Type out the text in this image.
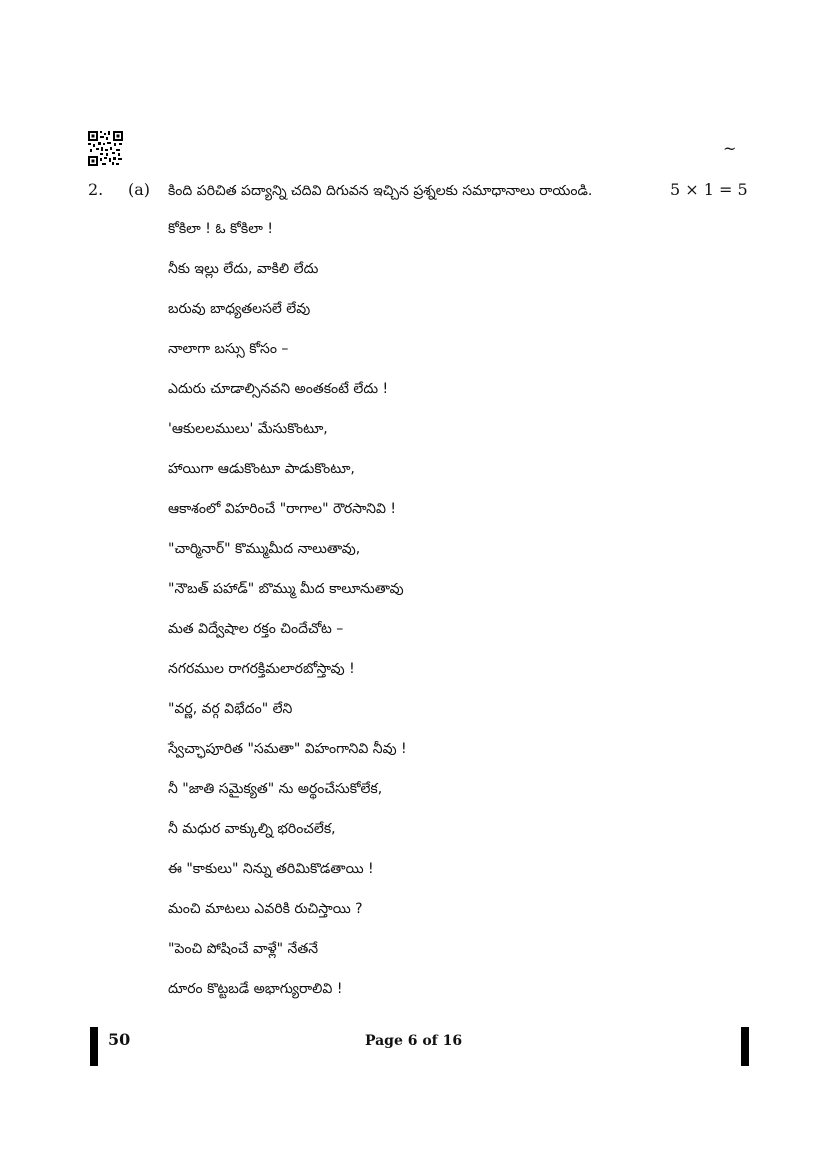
~
2. (a) కింది పరిచిత పద్యాన్ని చదివి దిగువన ఇచ్చిన ప్రశ్నలకు సమాధానాలు రాయండి.	5 × 1 = 5
కోకిలా ! ఓ కోకిలా !
నీకు ఇల్లు లేదు, వాకిలి లేదు
బరువు బాధ్యతలసలే లేవు
నాలాగా బస్సు కోసం –
ఎదురు చూడాల్సినవని అంతకంటే లేదు !
'ఆకులలములు' మేసుకొంటూ,
హాయిగా ఆడుకొంటూ పాడుకొంటూ,
ఆకాశంలో విహరించే "రాగాల" రౌరసానివి !
"చార్మినార్" కొమ్ముమీద నాలుతావు,
"నౌబత్ పహాడ్" బొమ్ము మీద కాలూనుతావు
మత విద్వేషాల రక్తం చిందేచోట –
నగరముల రాగరక్తిమలారబోస్తావు !
"వర్ణ, వర్గ విభేదం" లేని
స్వేచ్ఛాపూరిత "సమతా" విహంగానివి నీవు !
నీ "జాతి సమైక్యత" ను అర్థంచేసుకోలేక,
నీ మధుర వాక్కుల్ని భరించలేక,
ఈ "కాకులు" నిన్ను తరిమికొడతాయి !
మంచి మాటలు ఎవరికి రుచిస్తాయి ?
"పెంచి పోషించే వాళ్లే" నేతనే
దూరం కొట్టబడే అభాగ్యురాలివి !
50	Page 6 of 16
